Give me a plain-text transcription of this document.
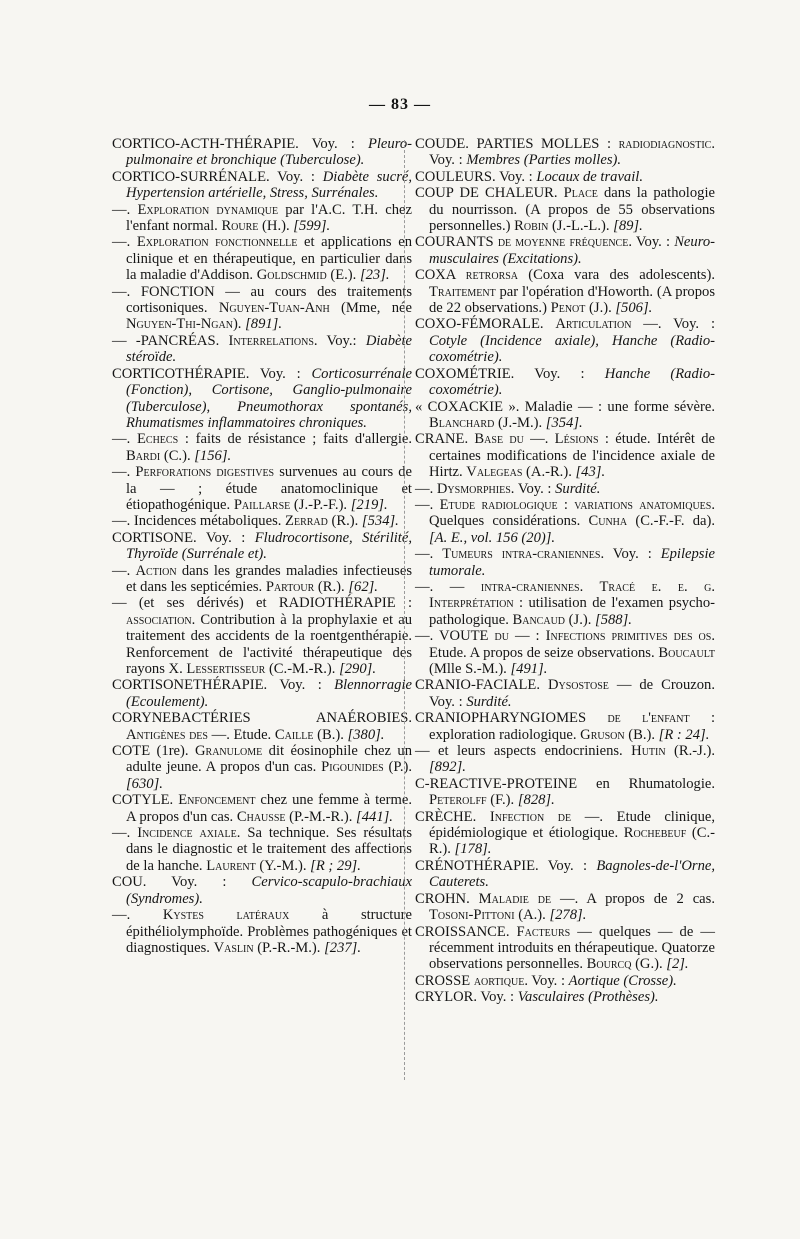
— 83 —

CORTICO-ACTH-THÉRAPIE. Voy. : Pleuro-pulmonaire et bronchique (Tuberculose).

CORTICO-SURRÉNALE. Voy. : Diabète sucré, Hypertension artérielle, Stress, Surrénales.

—. Exploration dynamique par l'A.C. T.H. chez l'enfant normal. Roure (H.). [599].

—. Exploration fonctionnelle et applications en clinique et en thérapeutique, en particulier dans la maladie d'Addison. Goldschmid (E.). [23].

—. FONCTION — au cours des traitements cortisoniques. Nguyen-Tuan-Anh (Mme, née Nguyen-Thi-Ngan). [891].

— -PANCRÉAS. Interrelations. Voy.: Diabète stéroïde.

CORTICOTHÉRAPIE. Voy. : Corticosurrénale (Fonction), Cortisone, Ganglio-pulmonaire (Tuberculose), Pneumothorax spontanés, Rhumatismes inflammatoires chroniques.

—. Echecs : faits de résistance ; faits d'allergie. Bardi (C.). [156].

—. Perforations digestives survenues au cours de la — ; étude anatomoclinique et étiopathogénique. Paillarse (J.-P.-F.). [219].

—. Incidences métaboliques. Zerrad (R.). [534].

CORTISONE. Voy. : Fludrocortisone, Stérilité, Thyroïde (Surrénale et).

—. Action dans les grandes maladies infectieuses et dans les septicémies. Partour (R.). [62].

— (et ses dérivés) et RADIOTHÉRAPIE : association. Contribution à la prophylaxie et au traitement des accidents de la roentgenthérapie. Renforcement de l'activité thérapeutique des rayons X. Lessertisseur (C.-M.-R.). [290].

CORTISONETHÉRAPIE. Voy. : Blennorragie (Ecoulement).

CORYNEBACTÉRIES ANAÉROBIES. Antigènes des —. Etude. Caille (B.). [380].

COTE (1re). Granulome dit éosinophile chez un adulte jeune. A propos d'un cas. Pigounides (P.). [630].

COTYLE. Enfoncement chez une femme à terme. A propos d'un cas. Chausse (P.-M.-R.). [441].

—. Incidence axiale. Sa technique. Ses résultats dans le diagnostic et le traitement des affections de la hanche. Laurent (Y.-M.). [R ; 29].

COU. Voy. : Cervico-scapulo-brachiaux (Syndromes).

—. Kystes latéraux à structure épithéliolymphoïde. Problèmes pathogéniques et diagnostiques. Vaslin (P.-R.-M.). [237].

COUDE. PARTIES MOLLES : radiodiagnostic. Voy. : Membres (Parties molles).

COULEURS. Voy. : Locaux de travail.

COUP DE CHALEUR. Place dans la pathologie du nourrisson. (A propos de 55 observations personnelles.) Robin (J.-L.-L.). [89].

COURANTS de moyenne fréquence. Voy. : Neuro-musculaires (Excitations).

COXA retrorsa (Coxa vara des adolescents). Traitement par l'opération d'Howorth. (A propos de 22 observations.) Penot (J.). [506].

COXO-FÉMORALE. Articulation —. Voy. : Cotyle (Incidence axiale), Hanche (Radio-coxométrie).

COXOMÉTRIE. Voy. : Hanche (Radio-coxométrie).

« COXACKIE ». Maladie — : une forme sévère. Blanchard (J.-M.). [354].

CRANE. Base du —. Lésions : étude. Intérêt de certaines modifications de l'incidence axiale de Hirtz. Valegeas (A.-R.). [43].

—. Dysmorphies. Voy. : Surdité.

—. Etude radiologique : variations anatomiques. Quelques considérations. Cunha (C.-F.-F. da). [A. E., vol. 156 (20)].

—. Tumeurs intra-craniennes. Voy. : Epilepsie tumorale.

—. — intra-craniennes. Tracé e. e. g. Interprétation : utilisation de l'examen psycho-pathologique. Bancaud (J.). [588].

—. VOUTE du — : Infections primitives des os. Etude. A propos de seize observations. Boucault (Mlle S.-M.). [491].

CRANIO-FACIALE. Dysostose — de Crouzon. Voy. : Surdité.

CRANIOPHARYNGIOMES de l'enfant : exploration radiologique. Gruson (B.). [R : 24].

— et leurs aspects endocriniens. Hutin (R.-J.). [892].

C-REACTIVE-PROTEINE en Rhumatologie. Peterolff (F.). [828].

CRÈCHE. Infection de —. Etude clinique, épidémiologique et étiologique. Rochebeuf (C.-R.). [178].

CRÉNOTHÉRAPIE. Voy. : Bagnoles-de-l'Orne, Cauterets.

CROHN. Maladie de —. A propos de 2 cas. Tosoni-Pittoni (A.). [278].

CROISSANCE. Facteurs — quelques — de — récemment introduits en thérapeutique. Quatorze observations personnelles. Bourcq (G.). [2].

CROSSE aortique. Voy. : Aortique (Crosse).

CRYLOR. Voy. : Vasculaires (Prothèses).
